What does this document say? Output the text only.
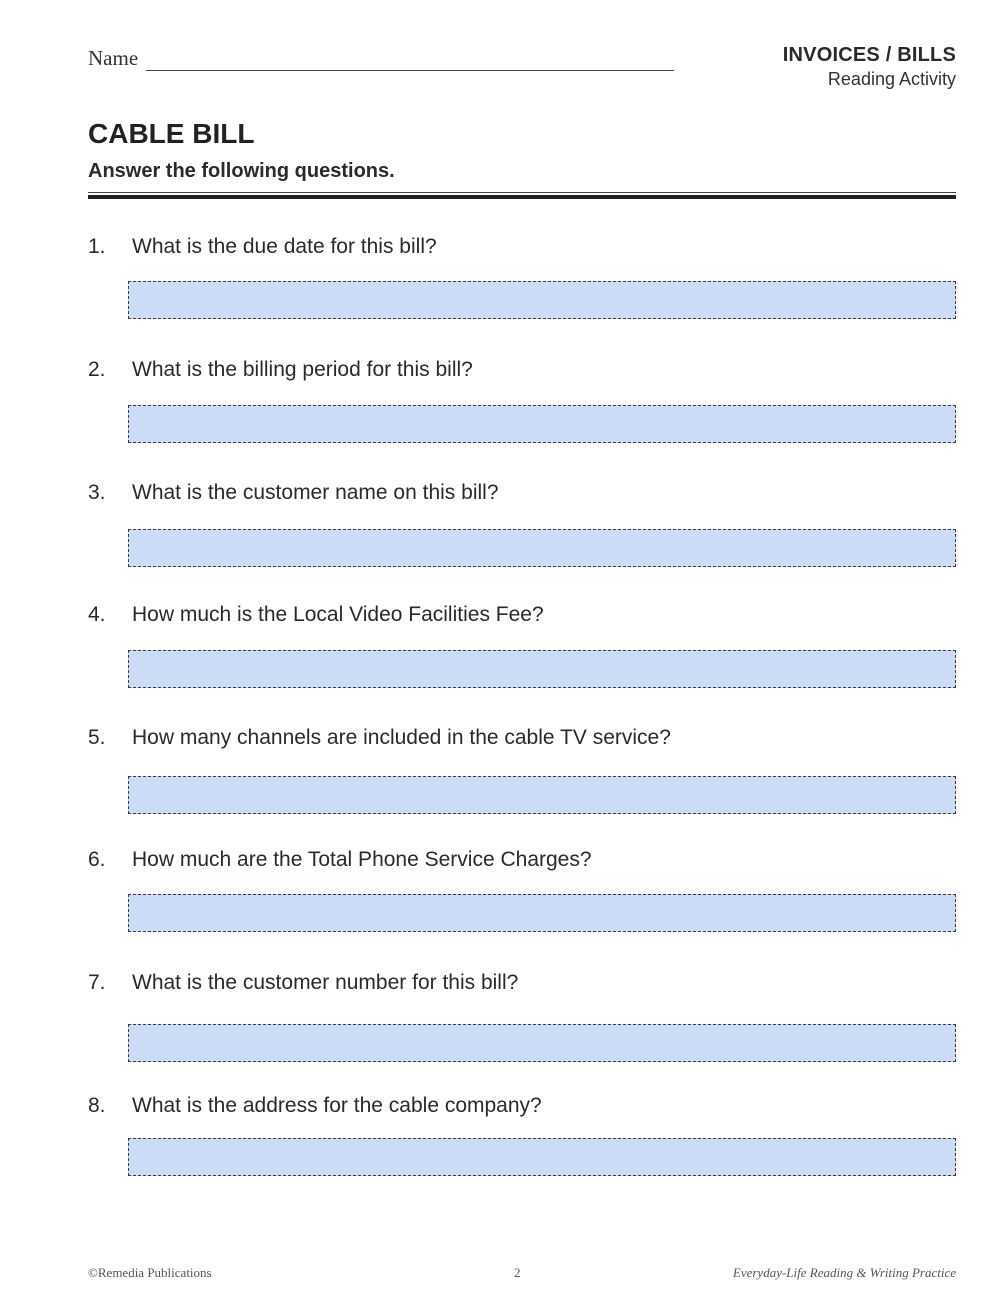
Name	INVOICES / BILLS
Reading Activity
CABLE BILL
Answer the following questions.
1.	What is the due date for this bill?
2.	What is the billing period for this bill?
3.	What is the customer name on this bill?
4.	How much is the Local Video Facilities Fee?
5.	How many channels are included in the cable TV service?
6.	How much are the Total Phone Service Charges?
7.	What is the customer number for this bill?
8.	What is the address for the cable company?
©Remedia Publications	2	Everyday-Life Reading & Writing Practice
